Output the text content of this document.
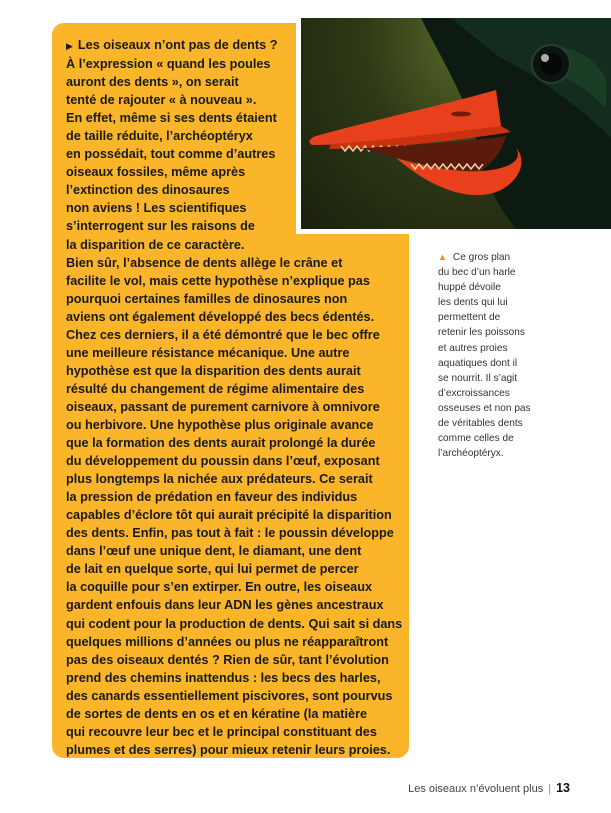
▶ Les oiseaux n’ont pas de dents ?
À l’expression « quand les poules
auront des dents », on serait
tenté de rajouter « à nouveau ».
En effet, même si ses dents étaient
de taille réduite, l’archéoptéryx
en possédait, tout comme d’autres
oiseaux fossiles, même après
l’extinction des dinosaures
non aviens ! Les scientifiques
s’interrogent sur les raisons de
la disparition de ce caractère.
Bien sûr, l’absence de dents allège le crâne et
facilite le vol, mais cette hypothèse n’explique pas
pourquoi certaines familles de dinosaures non
aviens ont également développé des becs édentés.
Chez ces derniers, il a été démontré que le bec offre
une meilleure résistance mécanique. Une autre
hypothèse est que la disparition des dents aurait
résulté du changement de régime alimentaire des
oiseaux, passant de purement carnivore à omnivore
ou herbivore. Une hypothèse plus originale avance
que la formation des dents aurait prolongé la durée
du développement du poussin dans l’œuf, exposant
plus longtemps la nichée aux prédateurs. Ce serait
la pression de prédation en faveur des individus
capables d’éclore tôt qui aurait précipité la disparition
des dents. Enfin, pas tout à fait : le poussin développe
dans l’œuf une unique dent, le diamant, une dent
de lait en quelque sorte, qui lui permet de percer
la coquille pour s’en extirper. En outre, les oiseaux
gardent enfouis dans leur ADN les gènes ancestraux
qui codent pour la production de dents. Qui sait si dans
quelques millions d’années ou plus ne réapparaîtront
pas des oiseaux dentés ? Rien de sûr, tant l’évolution
prend des chemins inattendus : les becs des harles,
des canards essentiellement piscivores, sont pourvus
de sortes de dents en os et en kératine (la matière
qui recouvre leur bec et le principal constituant des
plumes et des serres) pour mieux retenir leurs proies.
▲ Ce gros plan
du bec d’un harle
huppé dévoile
les dents qui lui
permettent de
retenir les poissons
et autres proies
aquatiques dont il
se nourrit. Il s’agit
d’excroissances
osseuses et non pas
de véritables dents
comme celles de
l’archéoptéryx.
Les oiseaux n’évoluent plus | 13
